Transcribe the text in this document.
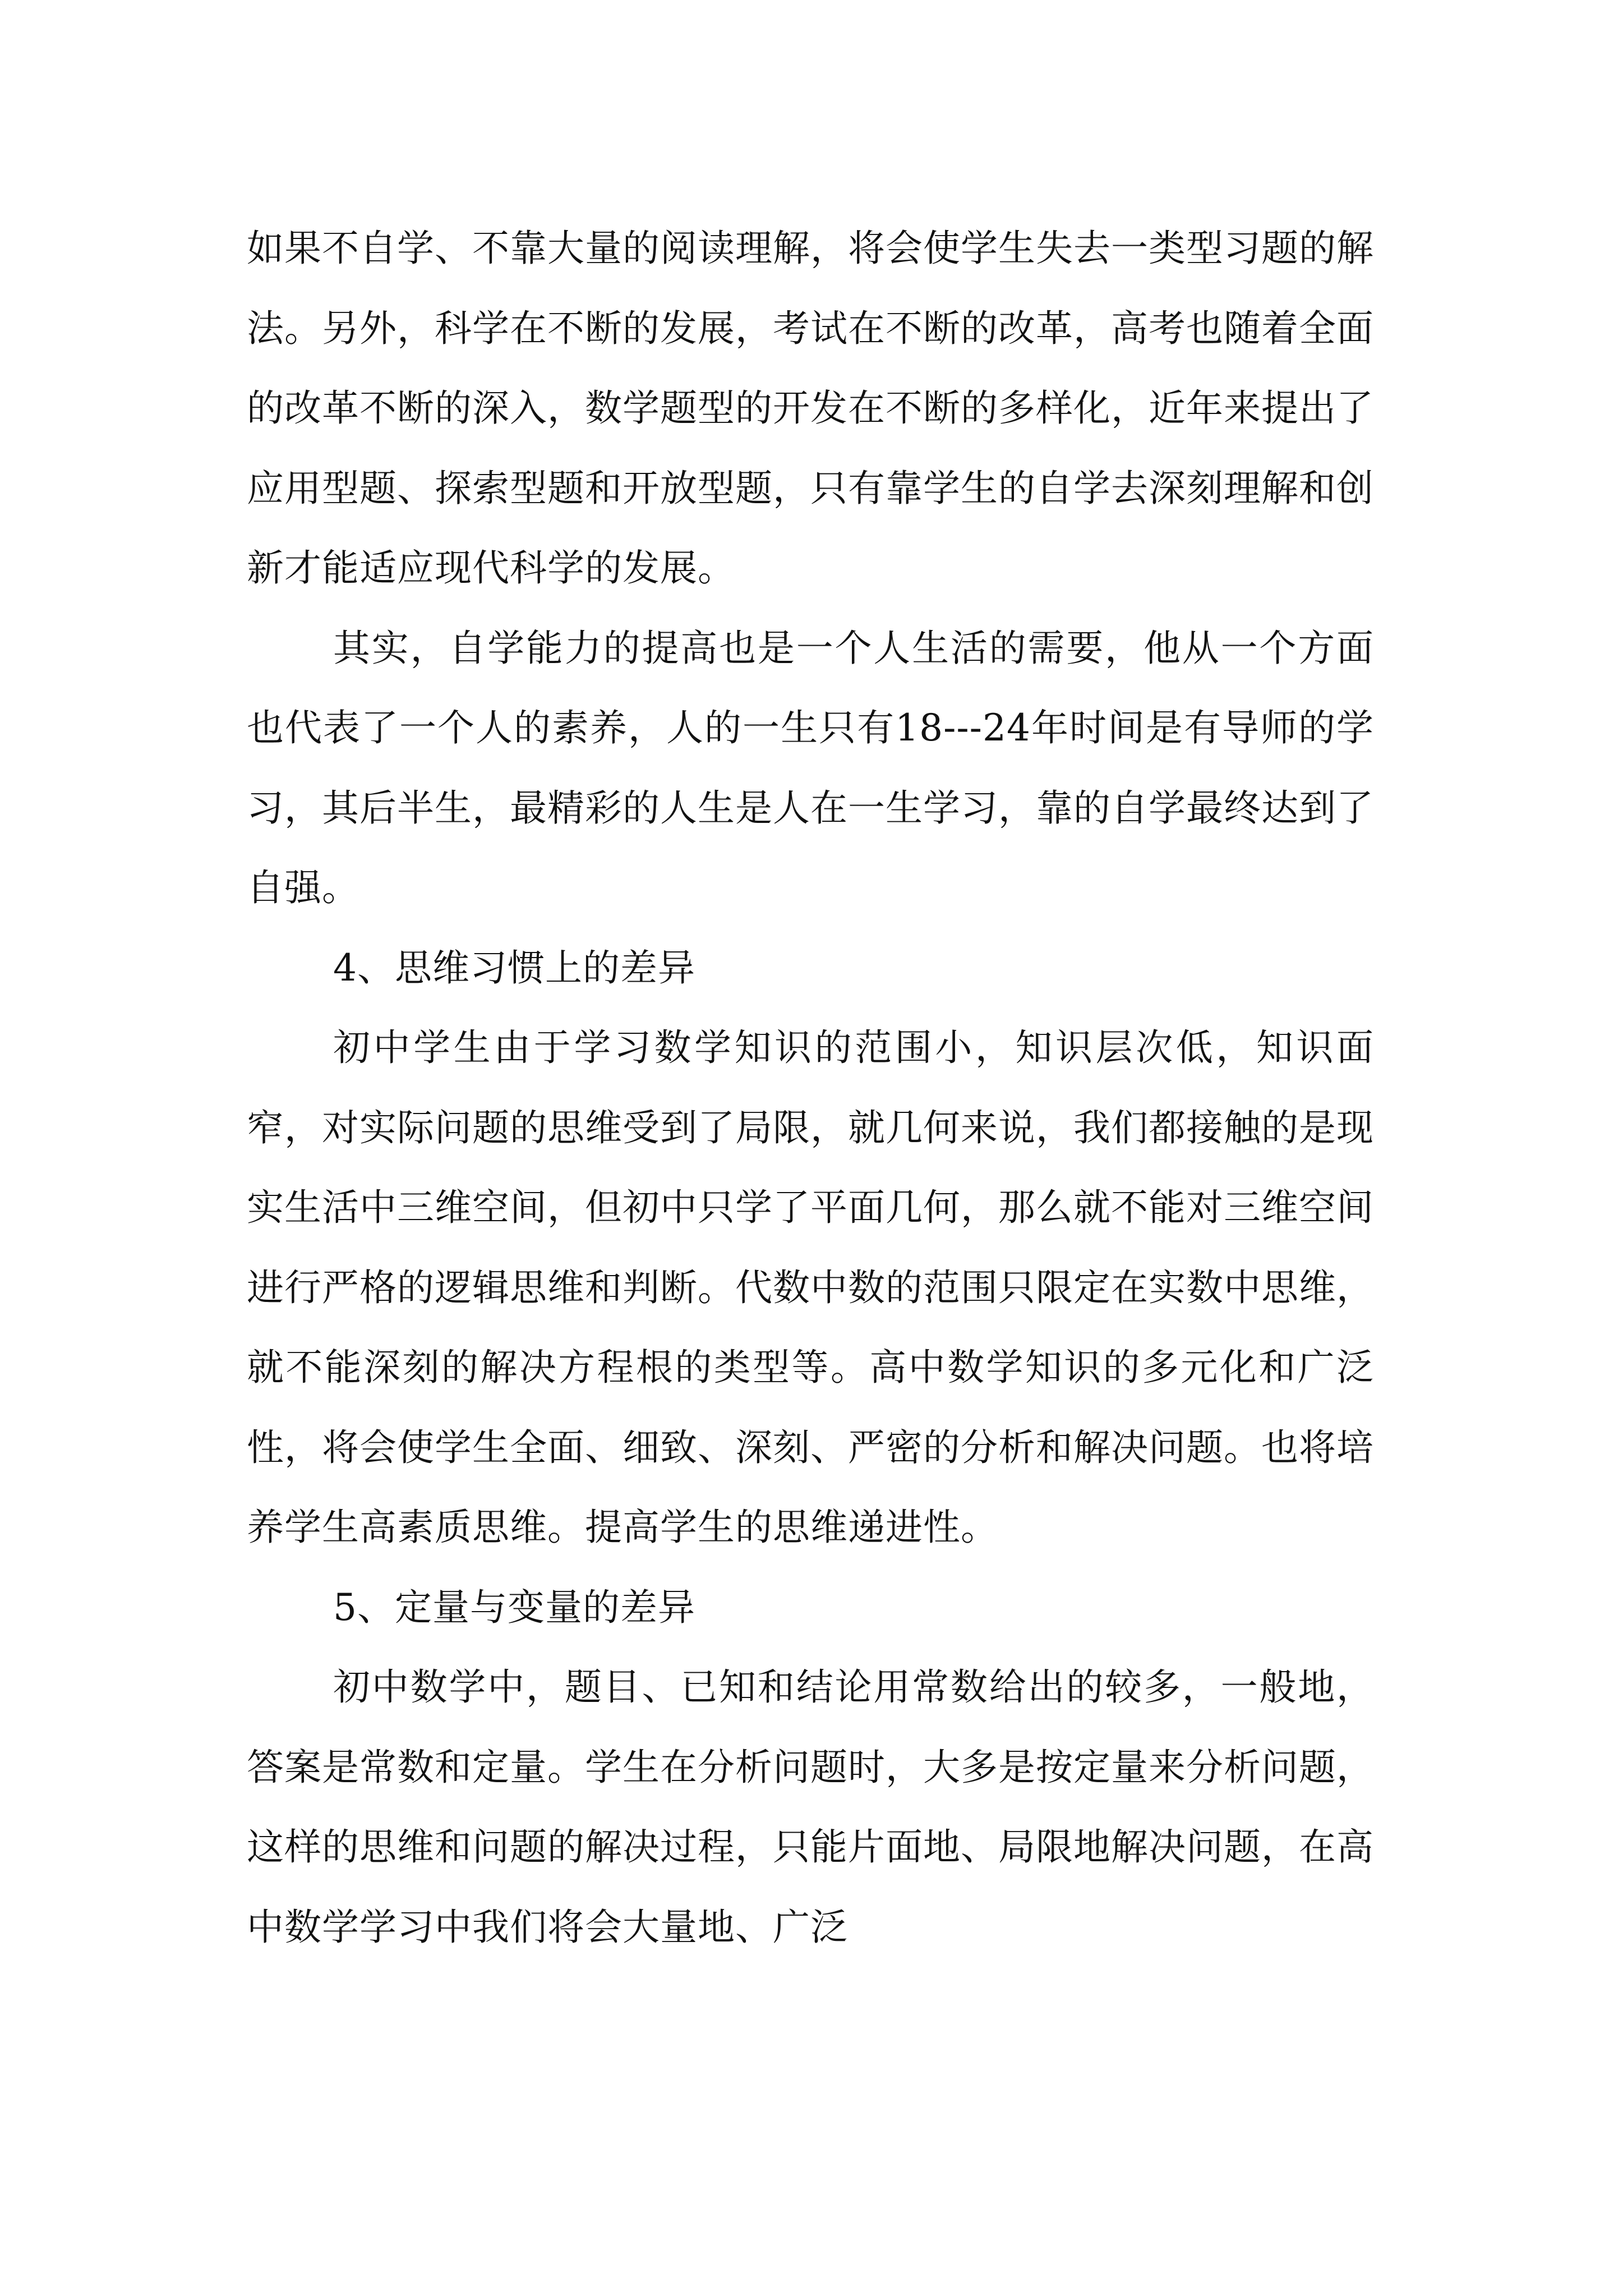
如果不自学、不靠大量的阅读理解，将会使学生失去一类型习题的解法。另外，科学在不断的发展，考试在不断的改革，高考也随着全面的改革不断的深入，数学题型的开发在不断的多样化，近年来提出了应用型题、探索型题和开放型题，只有靠学生的自学去深刻理解和创新才能适应现代科学的发展。

其实，自学能力的提高也是一个人生活的需要，他从一个方面也代表了一个人的素养，人的一生只有18---24年时间是有导师的学习，其后半生，最精彩的人生是人在一生学习，靠的自学最终达到了自强。

4、思维习惯上的差异

初中学生由于学习数学知识的范围小，知识层次低，知识面窄，对实际问题的思维受到了局限，就几何来说，我们都接触的是现实生活中三维空间，但初中只学了平面几何，那么就不能对三维空间进行严格的逻辑思维和判断。代数中数的范围只限定在实数中思维，就不能深刻的解决方程根的类型等。高中数学知识的多元化和广泛性，将会使学生全面、细致、深刻、严密的分析和解决问题。也将培养学生高素质思维。提高学生的思维递进性。

5、定量与变量的差异

初中数学中，题目、已知和结论用常数给出的较多，一般地，答案是常数和定量。学生在分析问题时，大多是按定量来分析问题，这样的思维和问题的解决过程，只能片面地、局限地解决问题，在高中数学学习中我们将会大量地、广泛
